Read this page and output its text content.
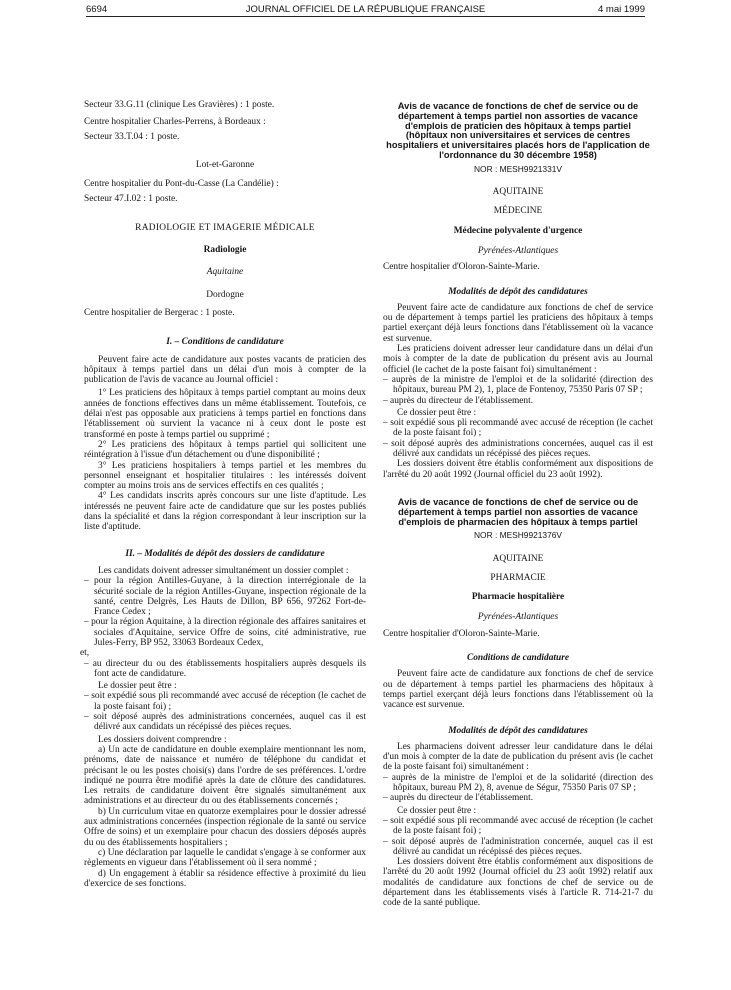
6694	JOURNAL OFFICIEL DE LA RÉPUBLIQUE FRANÇAISE	4 mai 1999

Secteur 33.G.11 (clinique Les Gravières) : 1 poste.

Centre hospitalier Charles-Perrens, à Bordeaux :

Secteur 33.T.04 : 1 poste.

Lot-et-Garonne

Centre hospitalier du Pont-du-Casse (La Candélie) :

Secteur 47.I.02 : 1 poste.

RADIOLOGIE ET IMAGERIE MÉDICALE

Radiologie

Aquitaine

Dordogne

Centre hospitalier de Bergerac : 1 poste.

I. – Conditions de candidature

Peuvent faire acte de candidature aux postes vacants de praticien des hôpitaux à temps partiel dans un délai d'un mois à compter de la publication de l'avis de vacance au Journal officiel :

1° Les praticiens des hôpitaux à temps partiel comptant au moins deux années de fonctions effectives dans un même établissement. Toutefois, ce délai n'est pas opposable aux praticiens à temps partiel en fonctions dans l'établissement où survient la vacance ni à ceux dont le poste est transformé en poste à temps partiel ou supprimé ;

2° Les praticiens des hôpitaux à temps partiel qui sollicitent une réintégration à l'issue d'un détachement ou d'une disponibilité ;

3° Les praticiens hospitaliers à temps partiel et les membres du personnel enseignant et hospitalier titulaires : les intéressés doivent compter au moins trois ans de services effectifs en ces qualités ;

4° Les candidats inscrits après concours sur une liste d'aptitude. Les intéressés ne peuvent faire acte de candidature que sur les postes publiés dans la spécialité et dans la région correspondant à leur inscription sur la liste d'aptitude.

II. – Modalités de dépôt des dossiers de candidature

Les candidats doivent adresser simultanément un dossier complet :

– pour la région Antilles-Guyane, à la direction interrégionale de la sécurité sociale de la région Antilles-Guyane, inspection régionale de la santé, centre Delgrès, Les Hauts de Dillon, BP 656, 97262 Fort-de-France Cedex ;

– pour la région Aquitaine, à la direction régionale des affaires sanitaires et sociales d'Aquitaine, service Offre de soins, cité administrative, rue Jules-Ferry, BP 952, 33063 Bordeaux Cedex,

et,

– au directeur du ou des établissements hospitaliers auprès desquels ils font acte de candidature.

Le dossier peut être :

– soit expédié sous pli recommandé avec accusé de réception (le cachet de la poste faisant foi) ;

– soit déposé auprès des administrations concernées, auquel cas il est délivré aux candidats un récépissé des pièces reçues.

Les dossiers doivent comprendre :

a) Un acte de candidature en double exemplaire mentionnant les nom, prénoms, date de naissance et numéro de téléphone du candidat et précisant le ou les postes choisi(s) dans l'ordre de ses préférences. L'ordre indiqué ne pourra être modifié après la date de clôture des candidatures. Les retraits de candidature doivent être signalés simultanément aux administrations et au directeur du ou des établissements concernés ;

b) Un curriculum vitae en quatorze exemplaires pour le dossier adressé aux administrations concernées (inspection régionale de la santé ou service Offre de soins) et un exemplaire pour chacun des dossiers déposés auprès du ou des établissements hospitaliers ;

c) Une déclaration par laquelle le candidat s'engage à se conformer aux règlements en vigueur dans l'établissement où il sera nommé ;

d) Un engagement à établir sa résidence effective à proximité du lieu d'exercice de ses fonctions.

Avis de vacance de fonctions de chef de service ou de département à temps partiel non assorties de vacance d'emplois de praticien des hôpitaux à temps partiel (hôpitaux non universitaires et services de centres hospitaliers et universitaires placés hors de l'application de l'ordonnance du 30 décembre 1958)

NOR : MESH9921331V

AQUITAINE

MÉDECINE

Médecine polyvalente d'urgence

Pyrénées-Atlantiques

Centre hospitalier d'Oloron-Sainte-Marie.

Modalités de dépôt des candidatures

Peuvent faire acte de candidature aux fonctions de chef de service ou de département à temps partiel les praticiens des hôpitaux à temps partiel exerçant déjà leurs fonctions dans l'établissement où la vacance est survenue.

Les praticiens doivent adresser leur candidature dans un délai d'un mois à compter de la date de publication du présent avis au Journal officiel (le cachet de la poste faisant foi) simultanément :

– auprès de la ministre de l'emploi et de la solidarité (direction des hôpitaux, bureau PM 2), 1, place de Fontenoy, 75350 Paris 07 SP ;

– auprès du directeur de l'établissement.

Ce dossier peut être :

– soit expédié sous pli recommandé avec accusé de réception (le cachet de la poste faisant foi) ;

– soit déposé auprès des administrations concernées, auquel cas il est délivré aux candidats un récépissé des pièces reçues.

Les dossiers doivent être établis conformément aux dispositions de l'arrêté du 20 août 1992 (Journal officiel du 23 août 1992).

Avis de vacance de fonctions de chef de service ou de département à temps partiel non assorties de vacance d'emplois de pharmacien des hôpitaux à temps partiel

NOR : MESH9921376V

AQUITAINE

PHARMACIE

Pharmacie hospitalière

Pyrénées-Atlantiques

Centre hospitalier d'Oloron-Sainte-Marie.

Conditions de candidature

Peuvent faire acte de candidature aux fonctions de chef de service ou de département à temps partiel les pharmaciens des hôpitaux à temps partiel exerçant déjà leurs fonctions dans l'établissement où la vacance est survenue.

Modalités de dépôt des candidatures

Les pharmaciens doivent adresser leur candidature dans le délai d'un mois à compter de la date de publication du présent avis (le cachet de la poste faisant foi) simultanément :

– auprès de la ministre de l'emploi et de la solidarité (direction des hôpitaux, bureau PM 2), 8, avenue de Ségur, 75350 Paris 07 SP ;

– auprès du directeur de l'établissement.

Ce dossier peut être :

– soit expédié sous pli recommandé avec accusé de réception (le cachet de la poste faisant foi) ;

– soit déposé auprès de l'administration concernée, auquel cas il est délivré au candidat un récépissé des pièces reçues.

Les dossiers doivent être établis conformément aux dispositions de l'arrêté du 20 août 1992 (Journal officiel du 23 août 1992) relatif aux modalités de candidature aux fonctions de chef de service ou de département dans les établissements visés à l'article R. 714-21-7 du code de la santé publique.
